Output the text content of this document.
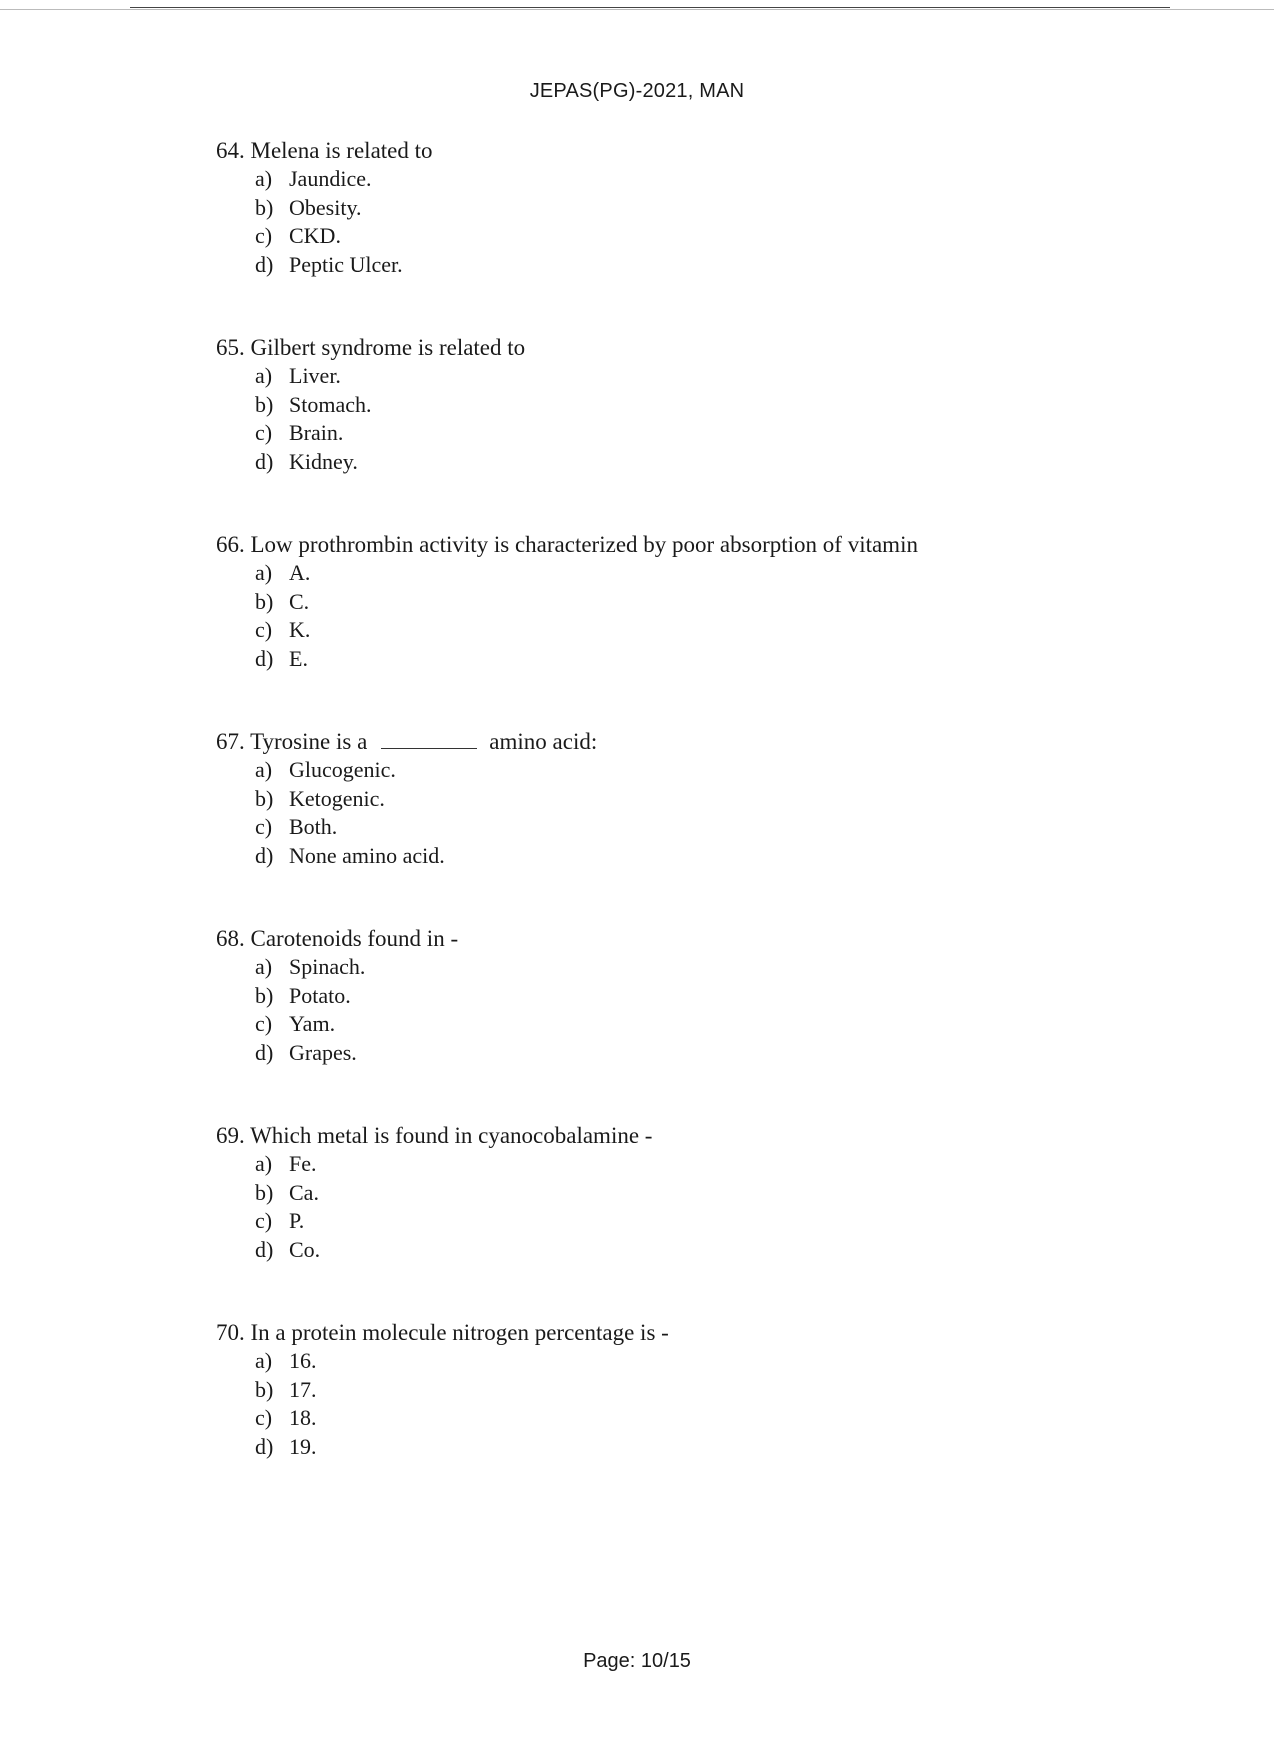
JEPAS(PG)-2021, MAN
64. Melena is related to
a) Jaundice.
b) Obesity.
c) CKD.
d) Peptic Ulcer.
65. Gilbert syndrome is related to
a) Liver.
b) Stomach.
c) Brain.
d) Kidney.
66. Low prothrombin activity is characterized by poor absorption of vitamin
a) A.
b) C.
c) K.
d) E.
67. Tyrosine is a	amino acid:
a) Glucogenic.
b) Ketogenic.
c) Both.
d) None amino acid.
68. Carotenoids found in -
a) Spinach.
b) Potato.
c) Yam.
d) Grapes.
69. Which metal is found in cyanocobalamine -
a) Fe.
b) Ca.
c) P.
d) Co.
70. In a protein molecule nitrogen percentage is -
a) 16.
b) 17.
c) 18.
d) 19.
Page: 10/15
